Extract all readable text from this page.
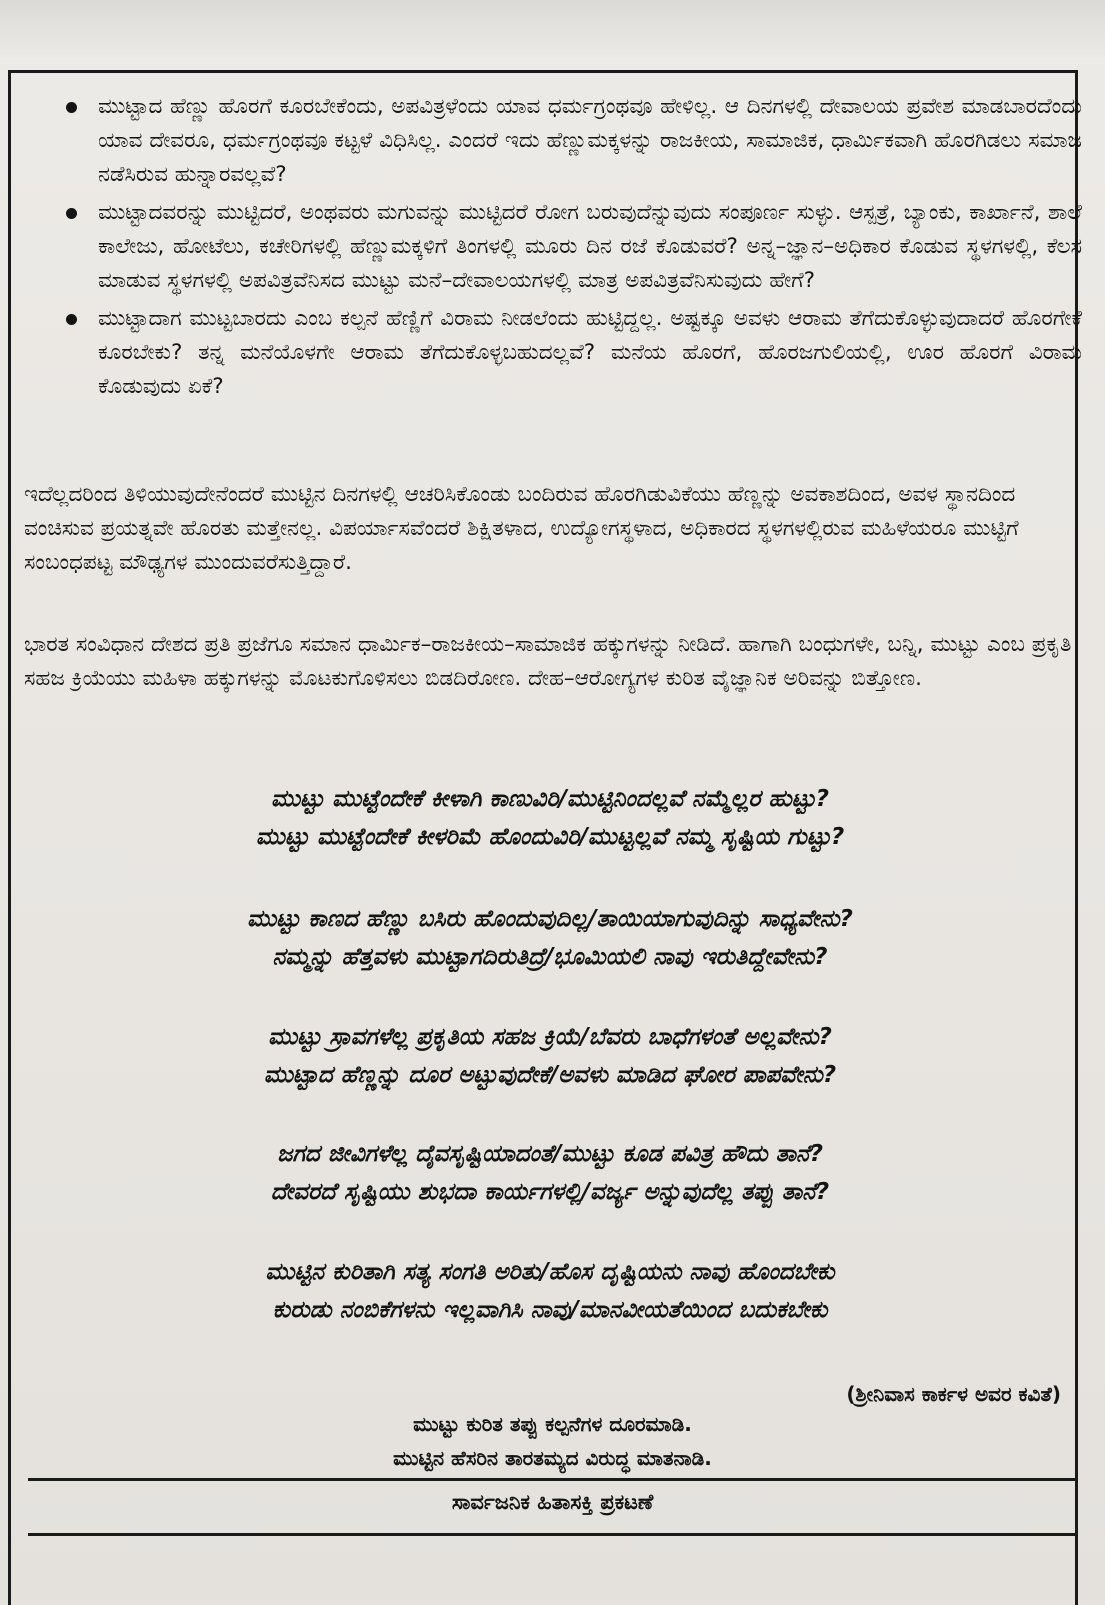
ಮುಟ್ಟಾದ ಹೆಣ್ಣು ಹೊರಗೆ ಕೂರಬೇಕೆಂದು, ಅಪವಿತ್ರಳೆಂದು ಯಾವ ಧರ್ಮಗ್ರಂಥವೂ ಹೇಳಿಲ್ಲ. ಆ ದಿನಗಳಲ್ಲಿ ದೇವಾಲಯ ಪ್ರವೇಶ ಮಾಡಬಾರದೆಂದು ಯಾವ ದೇವರೂ, ಧರ್ಮಗ್ರಂಥವೂ ಕಟ್ಟಳೆ ವಿಧಿಸಿಲ್ಲ. ಎಂದರೆ ಇದು ಹೆಣ್ಣುಮಕ್ಕಳನ್ನು ರಾಜಕೀಯ, ಸಾಮಾಜಿಕ, ಧಾರ್ಮಿಕವಾಗಿ ಹೊರಗಿಡಲು ಸಮಾಜ ನಡೆಸಿರುವ ಹುನ್ನಾರವಲ್ಲವೆ?
ಮುಟ್ಟಾದವರನ್ನು ಮುಟ್ಟಿದರೆ, ಅಂಥವರು ಮಗುವನ್ನು ಮುಟ್ಟಿದರೆ ರೋಗ ಬರುವುದೆನ್ನುವುದು ಸಂಪೂರ್ಣ ಸುಳ್ಳು. ಆಸ್ಪತ್ರೆ, ಬ್ಯಾಂಕು, ಕಾರ್ಖಾನೆ, ಶಾಲೆ ಕಾಲೇಜು, ಹೋಟೆಲು, ಕಚೇರಿಗಳಲ್ಲಿ ಹೆಣ್ಣುಮಕ್ಕಳಿಗೆ ತಿಂಗಳಲ್ಲಿ ಮೂರು ದಿನ ರಜೆ ಕೊಡುವರೆ? ಅನ್ನ–ಜ್ಞಾನ–ಅಧಿಕಾರ ಕೊಡುವ ಸ್ಥಳಗಳಲ್ಲಿ, ಕೆಲಸ ಮಾಡುವ ಸ್ಥಳಗಳಲ್ಲಿ ಅಪವಿತ್ರವೆನಿಸದ ಮುಟ್ಟು ಮನೆ–ದೇವಾಲಯಗಳಲ್ಲಿ ಮಾತ್ರ ಅಪವಿತ್ರವೆನಿಸುವುದು ಹೇಗೆ?
ಮುಟ್ಟಾದಾಗ ಮುಟ್ಟಬಾರದು ಎಂಬ ಕಲ್ಪನೆ ಹೆಣ್ಣಿಗೆ ವಿರಾಮ ನೀಡಲೆಂದು ಹುಟ್ಟಿದ್ದಲ್ಲ. ಅಷ್ಟಕ್ಕೂ ಅವಳು ಆರಾಮ ತೆಗೆದುಕೊಳ್ಳುವುದಾದರೆ ಹೊರಗೇಕೆ ಕೂರಬೇಕು? ತನ್ನ ಮನೆಯೊಳಗೇ ಆರಾಮ ತೆಗೆದುಕೊಳ್ಳಬಹುದಲ್ಲವೆ? ಮನೆಯ ಹೊರಗೆ, ಹೊರಜಗುಲಿಯಲ್ಲಿ, ಊರ ಹೊರಗೆ ವಿರಾಮ ಕೊಡುವುದು ಏಕೆ?

ಇದೆಲ್ಲದರಿಂದ ತಿಳಿಯುವುದೇನೆಂದರೆ ಮುಟ್ಟಿನ ದಿನಗಳಲ್ಲಿ ಆಚರಿಸಿಕೊಂಡು ಬಂದಿರುವ ಹೊರಗಿಡುವಿಕೆಯು ಹೆಣ್ಣನ್ನು ಅವಕಾಶದಿಂದ, ಅವಳ ಸ್ಥಾನದಿಂದ ವಂಚಿಸುವ ಪ್ರಯತ್ನವೇ ಹೊರತು ಮತ್ತೇನಲ್ಲ. ವಿಪರ್ಯಾಸವೆಂದರೆ ಶಿಕ್ಷಿತಳಾದ, ಉದ್ಯೋಗಸ್ಥಳಾದ, ಅಧಿಕಾರದ ಸ್ಥಳಗಳಲ್ಲಿರುವ ಮಹಿಳೆಯರೂ ಮುಟ್ಟಿಗೆ ಸಂಬಂಧಪಟ್ಟ ಮೌಢ್ಯಗಳ ಮುಂದುವರೆಸುತ್ತಿದ್ದಾರೆ.

ಭಾರತ ಸಂವಿಧಾನ ದೇಶದ ಪ್ರತಿ ಪ್ರಜೆಗೂ ಸಮಾನ ಧಾರ್ಮಿಕ–ರಾಜಕೀಯ–ಸಾಮಾಜಿಕ ಹಕ್ಕುಗಳನ್ನು ನೀಡಿದೆ. ಹಾಗಾಗಿ ಬಂಧುಗಳೇ, ಬನ್ನಿ, ಮುಟ್ಟು ಎಂಬ ಪ್ರಕೃತಿ ಸಹಜ ಕ್ರಿಯೆಯು ಮಹಿಳಾ ಹಕ್ಕುಗಳನ್ನು ಮೊಟಕುಗೊಳಿಸಲು ಬಿಡದಿರೋಣ. ದೇಹ–ಆರೋಗ್ಯಗಳ ಕುರಿತ ವೈಜ್ಞಾನಿಕ ಅರಿವನ್ನು ಬಿತ್ತೋಣ.

ಮುಟ್ಟು ಮುಟ್ಟೆಂದೇಕೆ ಕೀಳಾಗಿ ಕಾಣುವಿರಿ/ಮುಟ್ಟಿನಿಂದಲ್ಲವೆ ನಮ್ಮೆಲ್ಲರ ಹುಟ್ಟು?
ಮುಟ್ಟು ಮುಟ್ಟೆಂದೇಕೆ ಕೀಳರಿಮೆ ಹೊಂದುವಿರಿ/ಮುಟ್ಟಲ್ಲವೆ ನಮ್ಮ ಸೃಷ್ಟಿಯ ಗುಟ್ಟು?
ಮುಟ್ಟು ಕಾಣದ ಹೆಣ್ಣು ಬಸಿರು ಹೊಂದುವುದಿಲ್ಲ/ತಾಯಿಯಾಗುವುದಿನ್ನು ಸಾಧ್ಯವೇನು?
ನಮ್ಮನ್ನು ಹೆತ್ತವಳು ಮುಟ್ಟಾಗದಿರುತಿದ್ರೆ/ಭೂಮಿಯಲಿ ನಾವು ಇರುತಿದ್ದೇವೇನು?
ಮುಟ್ಟು ಸ್ರಾವಗಳೆಲ್ಲ ಪ್ರಕೃತಿಯ ಸಹಜ ಕ್ರಿಯೆ/ಬೆವರು ಬಾಧೆಗಳಂತೆ ಅಲ್ಲವೇನು?
ಮುಟ್ಟಾದ ಹೆಣ್ಣನ್ನು ದೂರ ಅಟ್ಟುವುದೇಕೆ/ಅವಳು ಮಾಡಿದ ಘೋರ ಪಾಪವೇನು?
ಜಗದ ಜೀವಿಗಳೆಲ್ಲ ದೈವಸೃಷ್ಟಿಯಾದಂತೆ/ಮುಟ್ಟು ಕೂಡ ಪವಿತ್ರ ಹೌದು ತಾನೆ?
ದೇವರದೆ ಸೃಷ್ಟಿಯು ಶುಭದಾ ಕಾರ್ಯಗಳಲ್ಲಿ/ವರ್ಜ್ಯ ಅನ್ನುವುದೆಲ್ಲ ತಪ್ಪು ತಾನೆ?
ಮುಟ್ಟಿನ ಕುರಿತಾಗಿ ಸತ್ಯ ಸಂಗತಿ ಅರಿತು/ಹೊಸ ದೃಷ್ಟಿಯನು ನಾವು ಹೊಂದಬೇಕು
ಕುರುಡು ನಂಬಿಕೆಗಳನು ಇಲ್ಲವಾಗಿಸಿ ನಾವು/ಮಾನವೀಯತೆಯಿಂದ ಬದುಕಬೇಕು
(ಶ್ರೀನಿವಾಸ ಕಾರ್ಕಳ ಅವರ ಕವಿತೆ)
ಮುಟ್ಟು ಕುರಿತ ತಪ್ಪು ಕಲ್ಪನೆಗಳ ದೂರಮಾಡಿ.
ಮುಟ್ಟಿನ ಹೆಸರಿನ ತಾರತಮ್ಯದ ವಿರುದ್ಧ ಮಾತನಾಡಿ.
ಸಾರ್ವಜನಿಕ ಹಿತಾಸಕ್ತಿ ಪ್ರಕಟಣೆ
